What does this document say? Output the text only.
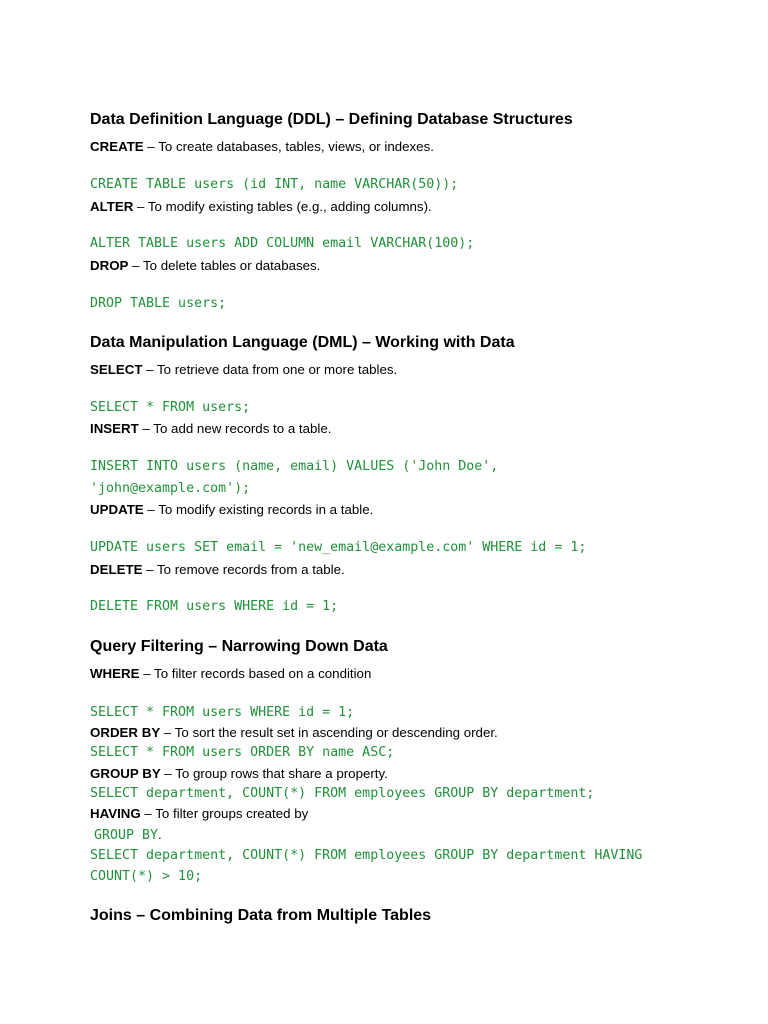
Data Definition Language (DDL) – Defining Database Structures
CREATE – To create databases, tables, views, or indexes.
CREATE TABLE users (id INT, name VARCHAR(50));
ALTER – To modify existing tables (e.g., adding columns).
ALTER TABLE users ADD COLUMN email VARCHAR(100);
DROP – To delete tables or databases.
DROP TABLE users;
Data Manipulation Language (DML) – Working with Data
SELECT – To retrieve data from one or more tables.
SELECT * FROM users;
INSERT – To add new records to a table.
INSERT INTO users (name, email) VALUES ('John Doe',
'john@example.com');
UPDATE – To modify existing records in a table.
UPDATE users SET email = 'new_email@example.com' WHERE id = 1;
DELETE – To remove records from a table.
DELETE FROM users WHERE id = 1;
Query Filtering – Narrowing Down Data
WHERE – To filter records based on a condition
SELECT * FROM users WHERE id = 1;
ORDER BY – To sort the result set in ascending or descending order.
SELECT * FROM users ORDER BY name ASC;
GROUP BY – To group rows that share a property.
SELECT department, COUNT(*) FROM employees GROUP BY department;
HAVING – To filter groups created by
GROUP BY.
SELECT department, COUNT(*) FROM employees GROUP BY department HAVING
COUNT(*) > 10;
Joins – Combining Data from Multiple Tables
